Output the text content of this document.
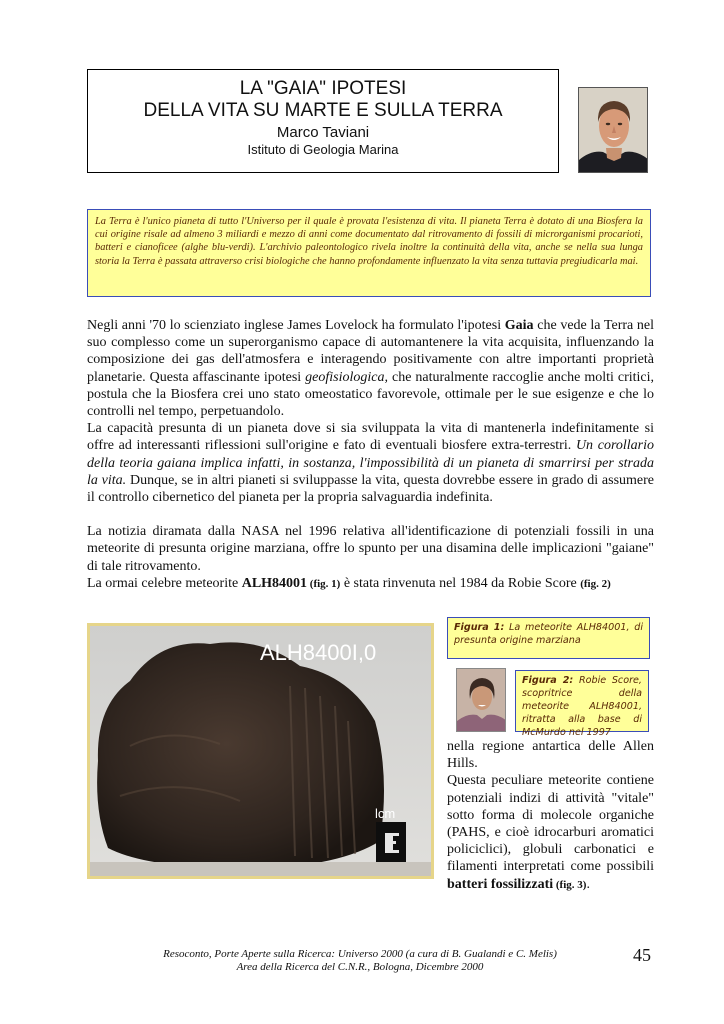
LA "GAIA" IPOTESI
DELLA VITA SU MARTE E SULLA TERRA
Marco Taviani
Istituto di Geologia Marina
La Terra è l'unico pianeta di tutto l'Universo per il quale è provata l'esistenza di vita. Il pianeta Terra è dotato di una Biosfera la cui origine risale ad almeno 3 miliardi e mezzo di anni come documentato dal ritrovamento di fossili di microrganismi procarioti, batteri e cianoficee (alghe blu-verdi). L'archivio paleontologico rivela inoltre la continuità della vita, anche se nella sua lunga storia la Terra è passata attraverso crisi biologiche che hanno profondamente influenzato la vita senza tuttavia pregiudicarla mai.

Negli anni '70 lo scienziato inglese James Lovelock ha formulato l'ipotesi Gaia che vede la Terra nel suo complesso come un superorganismo capace di automantenere la vita acquisita, influenzando la composizione dei gas dell'atmosfera e interagendo positivamente con altre importanti proprietà planetarie. Questa affascinante ipotesi geofisiologica, che naturalmente raccoglie anche molti critici, postula che la Biosfera crei uno stato omeostatico favorevole, ottimale per le sue esigenze e che lo controlli nel tempo, perpetuandolo.

La capacità presunta di un pianeta dove si sia sviluppata la vita di mantenerla indefinitamente si offre ad interessanti riflessioni sull'origine e fato di eventuali biosfere extra-terrestri. Un corollario della teoria gaiana implica infatti, in sostanza, l'impossibilità di un pianeta di smarrirsi per strada la vita. Dunque, se in altri pianeti si sviluppasse la vita, questa dovrebbe essere in grado di assumere il controllo cibernetico del pianeta per la propria salvaguardia indefinita.

La notizia diramata dalla NASA nel 1996 relativa all'identificazione di potenziali fossili in una meteorite di presunta origine marziana, offre lo spunto per una disamina delle implicazioni "gaiane" di tale ritrovamento.

La ormai celebre meteorite ALH84001 (fig. 1) è stata rinvenuta nel 1984 da Robie Score (fig. 2)

ALH8400I,0
lcm
Figura 1: La meteorite ALH84001, di presunta origine marziana
Figura 2: Robie Score, scopritrice della meteorite ALH84001, ritratta alla base di McMurdo nel 1997

nella regione antartica delle Allen Hills.

Questa peculiare meteorite contiene potenziali indizi di attività "vitale" sotto forma di molecole organiche (PAHS, e cioè idrocarburi aromatici policiclici), globuli carbonatici e filamenti interpretati come possibili batteri fossilizzati (fig. 3).

Resoconto, Porte Aperte sulla Ricerca: Universo 2000 (a cura di B. Gualandi e C. Melis)
Area della Ricerca del C.N.R., Bologna, Dicembre 2000
45
